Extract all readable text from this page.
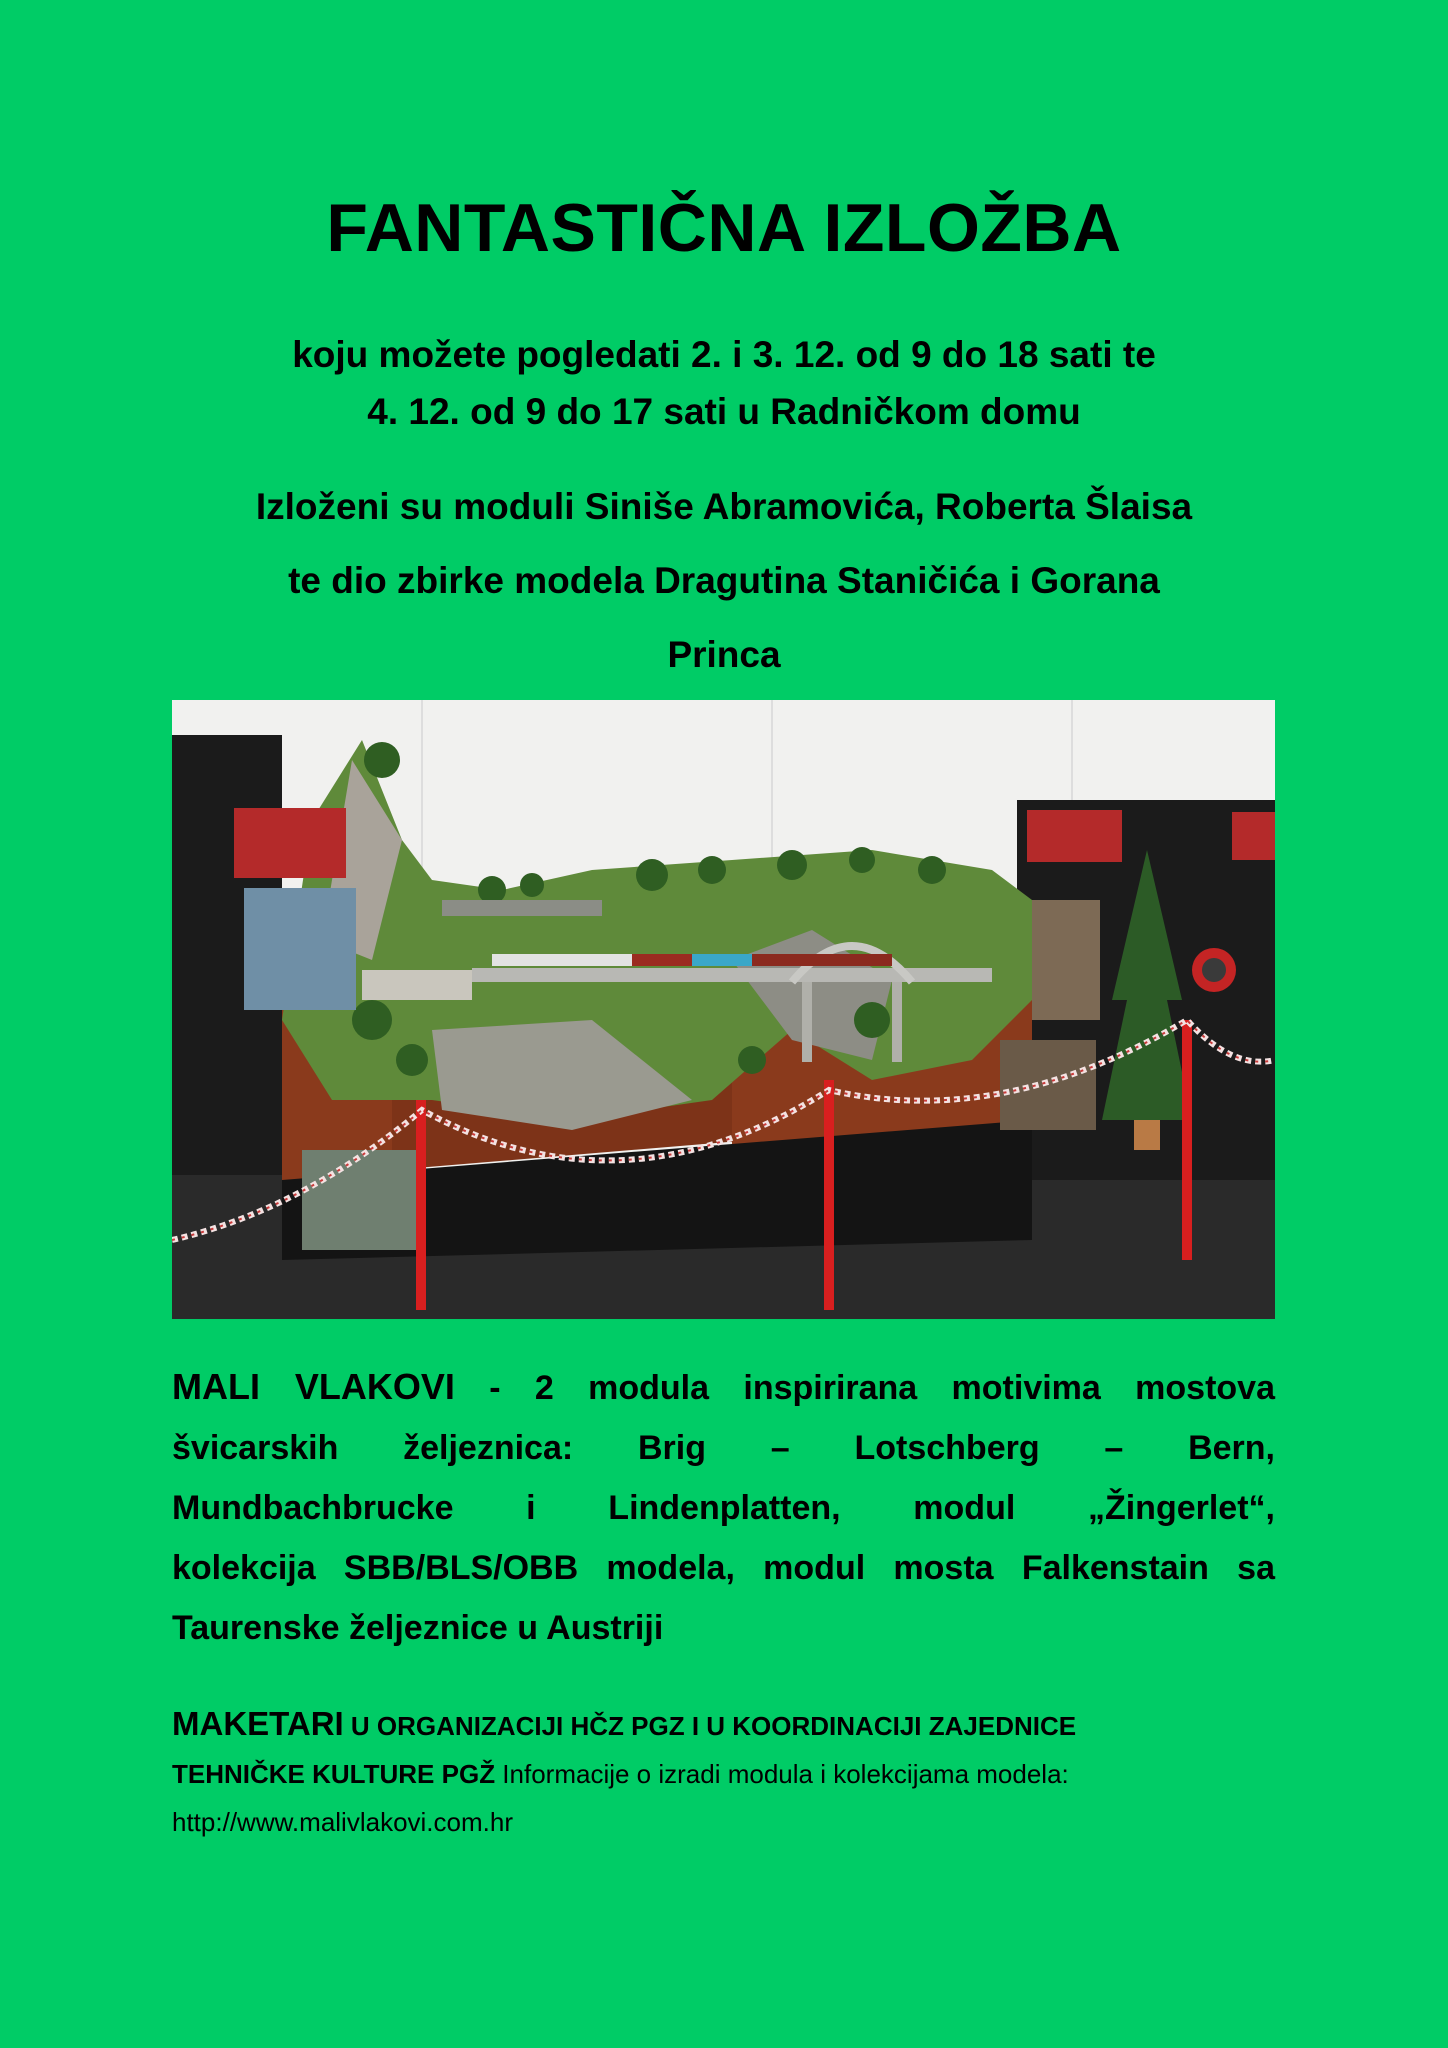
FANTASTIČNA IZLOŽBA
koju možete pogledati 2. i 3. 12. od 9 do 18 sati te
4. 12. od 9 do 17 sati u Radničkom domu
Izloženi su moduli Siniše Abramovića, Roberta Šlaisa
te dio zbirke modela Dragutina Staničića i Gorana
Princa
MALI VLAKOVI - 2 modula inspirirana motivima mostova
švicarskih željeznica: Brig – Lotschberg – Bern,
Mundbachbrucke i Lindenplatten, modul „Žingerlet“,
kolekcija SBB/BLS/OBB modela, modul mosta Falkenstain sa
Taurenske željeznice u Austriji
MAKETARI U ORGANIZACIJI HČZ PGZ I U KOORDINACIJI ZAJEDNICE
TEHNIČKE KULTURE PGŽ Informacije o izradi modula i kolekcijama modela:
http://www.malivlakovi.com.hr
